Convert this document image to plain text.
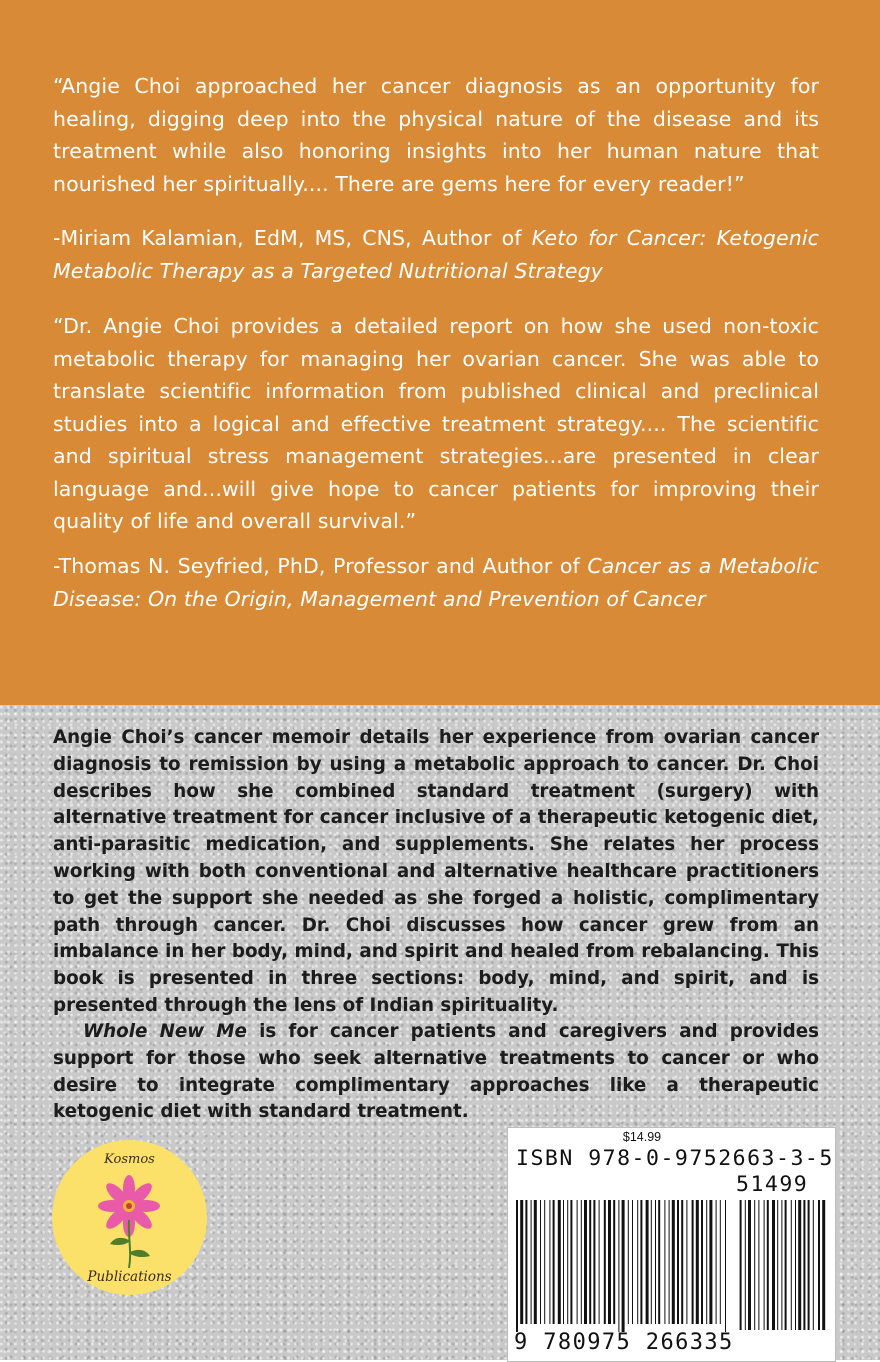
“Angie Choi approached her cancer diagnosis as an opportunity for healing, digging deep into the physical nature of the disease and its treatment while also honoring insights into her human nature that nourished her spiritually.... There are gems here for every reader!”

-Miriam Kalamian, EdM, MS, CNS, Author of Keto for Cancer: Ketogenic Metabolic Therapy as a Targeted Nutritional Strategy

“Dr. Angie Choi provides a detailed report on how she used non-toxic metabolic therapy for managing her ovarian cancer. She was able to translate scientific information from published clinical and preclinical studies into a logical and effective treatment strategy.... The scientific and spiritual stress management strategies...are presented in clear language and...will give hope to cancer patients for improving their quality of life and overall survival.”

-Thomas N. Seyfried, PhD, Professor and Author of Cancer as a Metabolic Disease: On the Origin, Management and Prevention of Cancer

Angie Choi’s cancer memoir details her experience from ovarian cancer diagnosis to remission by using a metabolic approach to cancer. Dr. Choi describes how she combined standard treatment (surgery) with alternative treatment for cancer inclusive of a therapeutic ketogenic diet, anti-parasitic medication, and supplements. She relates her process working with both conventional and alternative healthcare practitioners to get the support she needed as she forged a holistic, complimentary path through cancer. Dr. Choi discusses how cancer grew from an imbalance in her body, mind, and spirit and healed from rebalancing. This book is presented in three sections: body, mind, and spirit, and is presented through the lens of Indian spirituality.

Whole New Me is for cancer patients and caregivers and provides support for those who seek alternative treatments to cancer or who desire to integrate complimentary approaches like a therapeutic ketogenic diet with standard treatment.

Kosmos
Publications
$14.99
ISBN 978-0-9752663-3-5
51499
9 780975 266335
